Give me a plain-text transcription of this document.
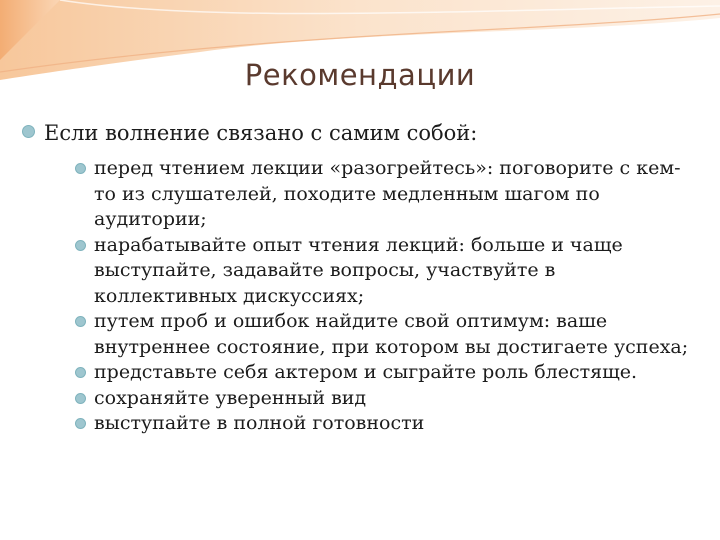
Рекомендации
Если волнение связано с самим собой:
перед чтением лекции «разогрейтесь»: поговорите с кем-то из слушателей, походите медленным шагом по аудитории;
нарабатывайте опыт чтения лекций: больше и чаще выступайте, задавайте вопросы, участвуйте в коллективных дискуссиях;
путем проб и ошибок найдите свой оптимум: ваше внутреннее состояние, при котором вы достигаете успеха;
представьте себя актером и сыграйте роль блестяще.
сохраняйте уверенный вид
выступайте в полной готовности
